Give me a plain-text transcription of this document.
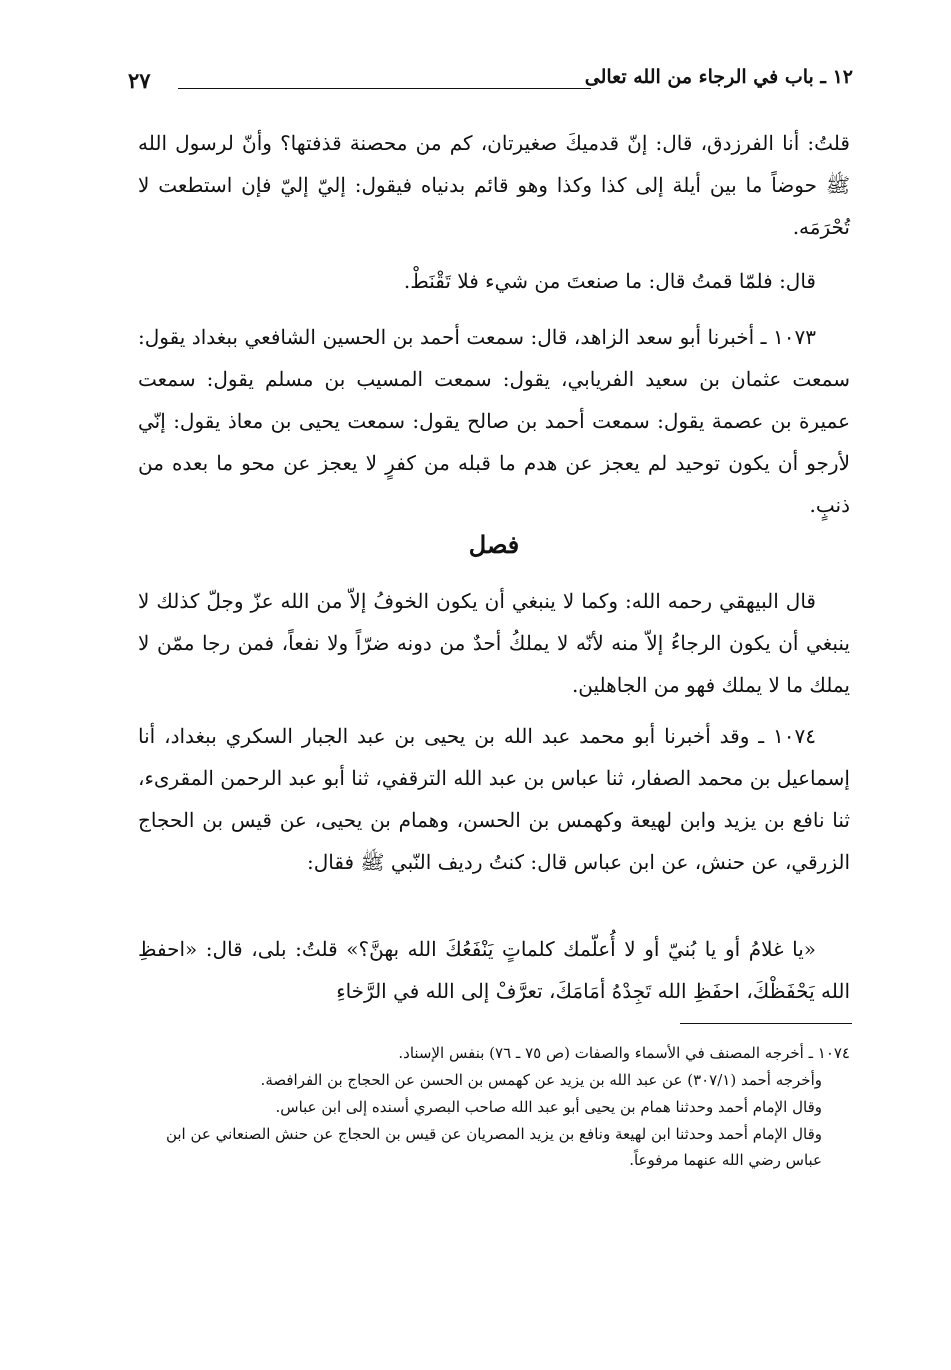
١٢ ـ باب في الرجاء من الله تعالى
٢٧

قلتُ: أنا الفرزدق، قال: إنّ قدميكَ صغيرتان، كم من محصنة قذفتها؟ وأنّ لرسول الله ﷺ حوضاً ما بين أيلة إلى كذا وكذا وهو قائم بدنياه فيقول: إليّ إليّ فإن استطعت لا تُحْرَمَه.

قال: فلمّا قمتُ قال: ما صنعتَ من شيء فلا تَقْنَطْ.

١٠٧٣ ـ أخبرنا أبو سعد الزاهد، قال: سمعت أحمد بن الحسين الشافعي ببغداد يقول: سمعت عثمان بن سعيد الفريابي، يقول: سمعت المسيب بن مسلم يقول: سمعت عميرة بن عصمة يقول: سمعت أحمد بن صالح يقول: سمعت يحيى بن معاذ يقول: إنّي لأرجو أن يكون توحيد لم يعجز عن هدم ما قبله من كفرٍ لا يعجز عن محو ما بعده من ذنبٍ.

فصل

قال البيهقي رحمه الله: وكما لا ينبغي أن يكون الخوفُ إلاّ من الله عزّ وجلّ كذلك لا ينبغي أن يكون الرجاءُ إلاّ منه لأنّه لا يملكُ أحدٌ من دونه ضرّاً ولا نفعاً، فمن رجا ممّن لا يملك ما لا يملك فهو من الجاهلين.

١٠٧٤ ـ وقد أخبرنا أبو محمد عبد الله بن يحيى بن عبد الجبار السكري ببغداد، أنا إسماعيل بن محمد الصفار، ثنا عباس بن عبد الله الترقفي، ثنا أبو عبد الرحمن المقرىء، ثنا نافع بن يزيد وابن لهيعة وكهمس بن الحسن، وهمام بن يحيى، عن قيس بن الحجاج الزرقي، عن حنش، عن ابن عباس قال: كنتُ رديف النّبي ﷺ فقال:

«يا غلامُ أو يا بُنيّ أو لا أُعلّمك كلماتٍ يَنْفَعُكَ الله بهنَّ؟» قلتُ: بلى، قال: «احفظِ الله يَحْفَظْكَ، احفَظِ الله تَجِدْهُ أمَامَكَ، تعرَّفْ إلى الله في الرَّخاءِ

١٠٧٤ ـ أخرجه المصنف في الأسماء والصفات (ص ٧٥ ـ ٧٦) بنفس الإسناد.

وأخرجه أحمد (٣٠٧/١) عن عبد الله بن يزيد عن كهمس بن الحسن عن الحجاج بن الفرافصة.

وقال الإمام أحمد وحدثنا همام بن يحيى أبو عبد الله صاحب البصري أسنده إلى ابن عباس.

وقال الإمام أحمد وحدثنا ابن لهيعة ونافع بن يزيد المصريان عن قيس بن الحجاج عن حنش الصنعاني عن ابن عباس رضي الله عنهما مرفوعاً.
